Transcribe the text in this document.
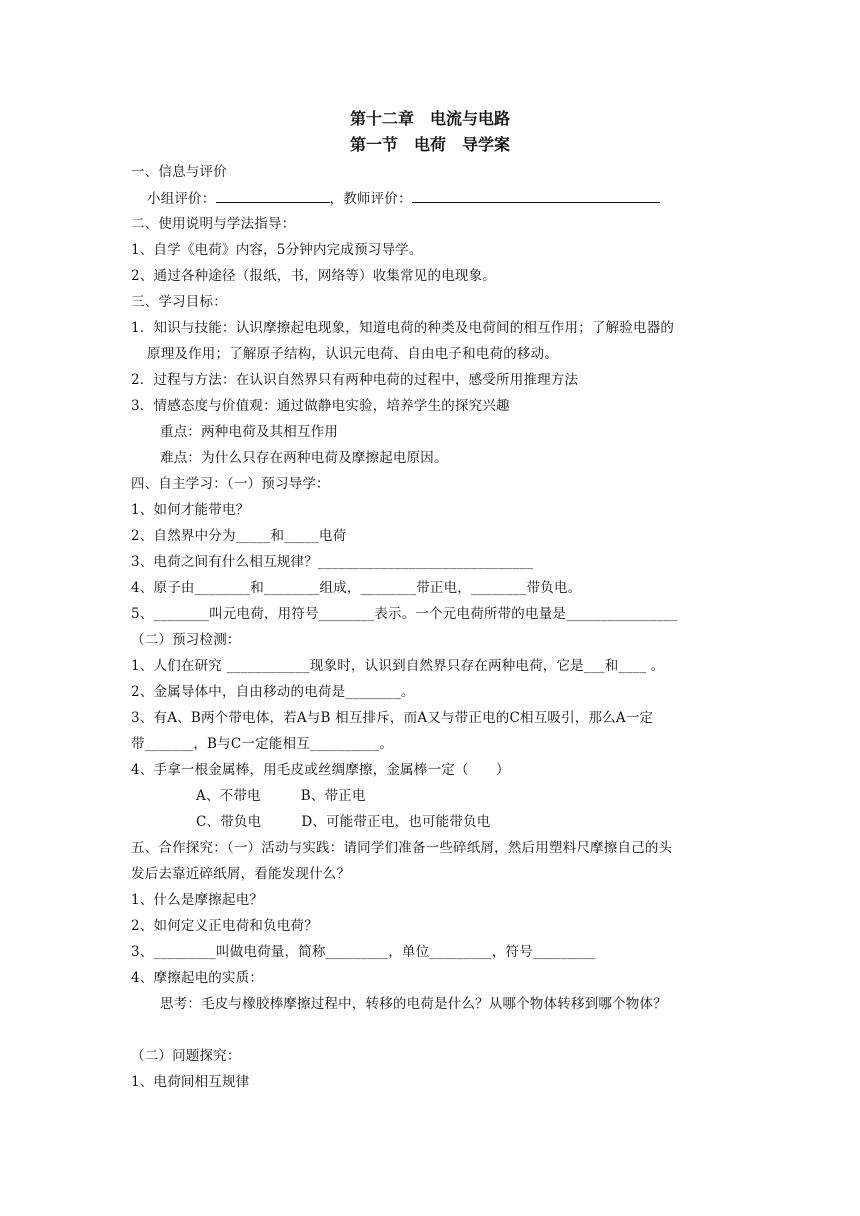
第十二章　电流与电路
第一节　电荷　导学案
一、信息与评价
小组评价：	，教师评价：
二、使用说明与学法指导：
1、自学《电荷》内容，5分钟内完成预习导学。
2、通过各种途径（报纸，书，网络等）收集常见的电现象。
三、学习目标：
1．知识与技能：认识摩擦起电现象，知道电荷的种类及电荷间的相互作用；了解验电器的
原理及作用；了解原子结构，认识元电荷、自由电子和电荷的移动。
2．过程与方法：在认识自然界只有两种电荷的过程中，感受所用推理方法
3．情感态度与价值观：通过做静电实验，培养学生的探究兴趣
重点：两种电荷及其相互作用
难点：为什么只存在两种电荷及摩擦起电原因。
四、自主学习：（一）预习导学：
1、如何才能带电？
2、自然界中分为_____和_____电荷
3、电荷之间有什么相互规律？_______________________________
4、原子由________和________组成，________带正电，________带负电。
5、________叫元电荷，用符号________表示。一个元电荷所带的电量是________________
（二）预习检测：
1、人们在研究 ____________现象时，认识到自然界只存在两种电荷，它是___和____ 。
2、金属导体中，自由移动的电荷是________。
3、有A、B两个带电体，若A与B 相互排斥，而A又与带正电的C相互吸引，那么A一定
带_______，B与C一定能相互__________。
4、手拿一根金属棒，用毛皮或丝绸摩擦，金属棒一定（　　）
A、不带电	B、带正电
C、带负电	D、可能带正电，也可能带负电
五、合作探究：（一）活动与实践：请同学们准备一些碎纸屑，然后用塑料尺摩擦自己的头
发后去靠近碎纸屑，看能发现什么？
1、什么是摩擦起电？
2、如何定义正电荷和负电荷？
3、_________叫做电荷量，简称_________，单位_________，符号_________
4、摩擦起电的实质：
思考：毛皮与橡胶棒摩擦过程中，转移的电荷是什么？从哪个物体转移到哪个物体？
（二）问题探究：
1、电荷间相互规律
